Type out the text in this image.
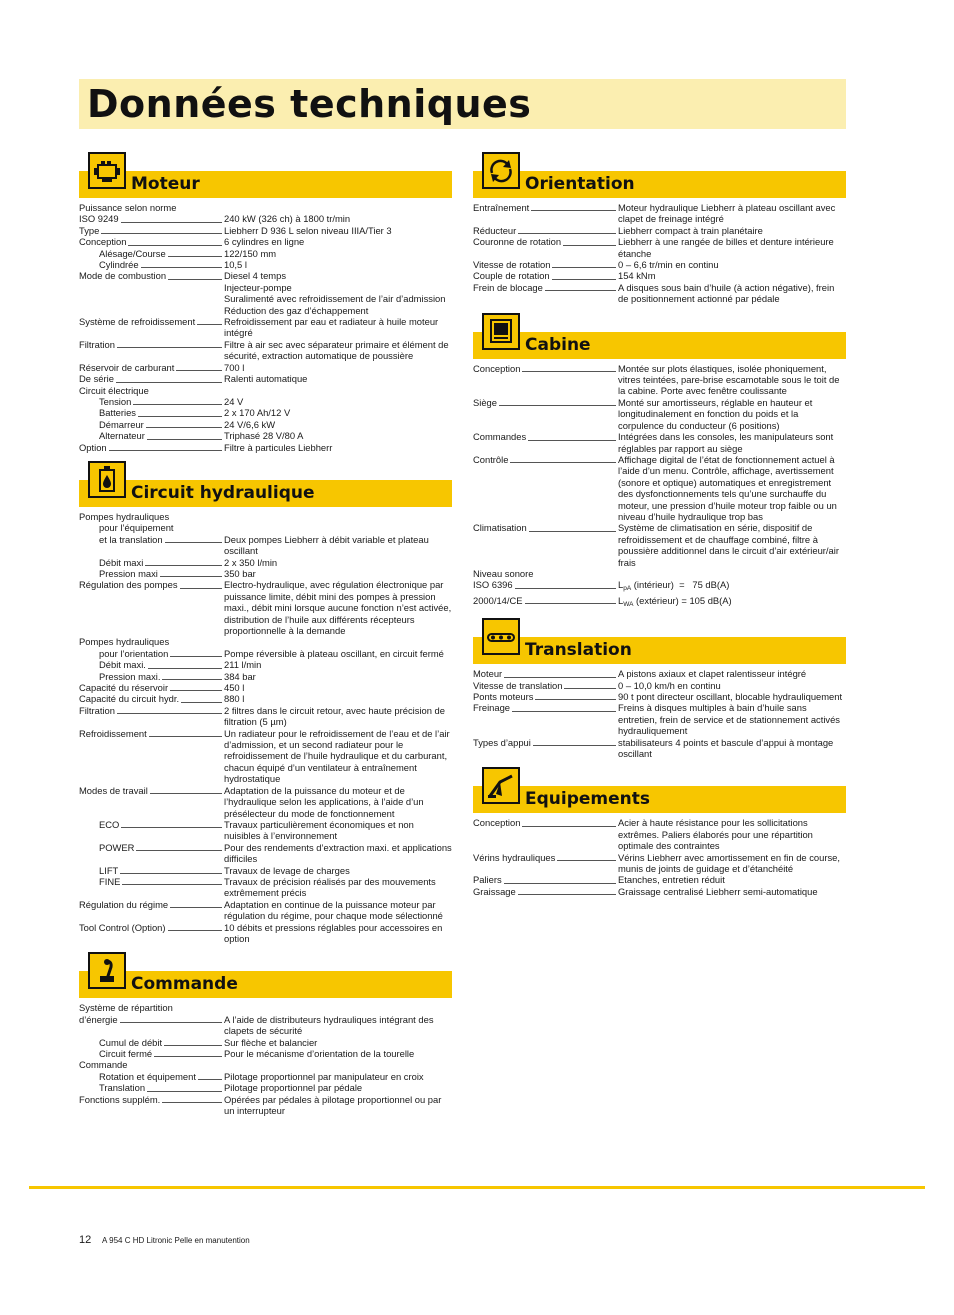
Données techniques
Moteur
Puissance selon norme
ISO 9249	240 kW (326 ch) à 1800 tr/min
Type	Liebherr D 936 L selon niveau IIIA/Tier 3
Conception	6 cylindres en ligne
Alésage/Course	122/150 mm
Cylindrée	10,5 l
Mode de combustion	Diesel 4 temps
Injecteur-pompe
Suralimenté avec refroidissement de l’air d’admission
Réduction des gaz d’échappement
Système de refroidissement	Refroidissement par eau et radiateur à huile moteur intégré
Filtration	Filtre à air sec avec séparateur primaire et élément de sécurité, extraction automatique de poussière
Réservoir de carburant	700 l
De série	Ralenti automatique
Circuit électrique
Tension	24 V
Batteries	2 x 170 Ah/12 V
Démarreur	24 V/6,6 kW
Alternateur	Triphasé 28 V/80 A
Option	Filtre à particules Liebherr
Circuit hydraulique
Pompes hydrauliques
pour l’équipement
et la translation	Deux pompes Liebherr à débit variable et plateau oscillant
Débit maxi	2 x 350 l/min
Pression maxi	350 bar
Régulation des pompes	Electro-hydraulique, avec régulation électronique par puissance limite, débit mini des pompes à pression maxi., débit mini lorsque aucune fonction n’est activée, distribution de l’huile aux différents récepteurs proportionnelle à la demande
Pompes hydrauliques
pour l’orientation	Pompe réversible à plateau oscillant, en circuit fermé
Débit maxi.	211 l/min
Pression maxi.	384 bar
Capacité du réservoir	450 l
Capacité du circuit hydr.	880 l
Filtration	2 filtres dans le circuit retour, avec haute précision de filtration (5 µm)
Refroidissement	Un radiateur pour le refroidissement de l’eau et de l’air d’admission, et un second radiateur pour le refroidissement de l’huile hydraulique et du carburant, chacun équipé d’un ventilateur à entraînement hydrostatique
Modes de travail	Adaptation de la puissance du moteur et de l’hydraulique selon les applications, à l’aide d’un présélecteur du mode de fonctionnement
ECO	Travaux particulièrement économiques et non nuisibles à l’environnement
POWER	Pour des rendements d’extraction maxi. et applications difficiles
LIFT	Travaux de levage de charges
FINE	Travaux de précision réalisés par des mouvements extrêmement précis
Régulation du régime	Adaptation en continue de la puissance moteur par régulation du régime, pour chaque mode sélectionné
Tool Control (Option)	10 débits et pressions réglables pour accessoires en option
Commande
Système de répartition
d’énergie	A l’aide de distributeurs hydrauliques intégrant des clapets de sécurité
Cumul de débit	Sur flèche et balancier
Circuit fermé	Pour le mécanisme d’orientation de la tourelle
Commande
Rotation et équipement	Pilotage proportionnel par manipulateur en croix
Translation	Pilotage proportionnel par pédale
Fonctions supplém.	Opérées par pédales à pilotage proportionnel ou par un interrupteur
Orientation
Entraînement	Moteur hydraulique Liebherr à plateau oscillant avec clapet de freinage intégré
Réducteur	Liebherr compact à train planétaire
Couronne de rotation	Liebherr à une rangée de billes et denture intérieure étanche
Vitesse de rotation	0 – 6,6 tr/min en continu
Couple de rotation	154 kNm
Frein de blocage	A disques sous bain d’huile (à action négative), frein de positionnement actionné par pédale
Cabine
Conception	Montée sur plots élastiques, isolée phoniquement, vitres teintées, pare-brise escamotable sous le toit de la cabine. Porte avec fenêtre coulissante
Siège	Monté sur amortisseurs, réglable en hauteur et longitudinalement en fonction du poids et la corpulence du conducteur (6 positions)
Commandes	Intégrées dans les consoles, les manipulateurs sont réglables par rapport au siège
Contrôle	Affichage digital de l’état de fonctionnement actuel à l’aide d’un menu. Contrôle, affichage, avertissement (sonore et optique) automatiques et enregistrement des dysfonctionnements tels qu’une surchauffe du moteur, une pression d’huile moteur trop faible ou un niveau d’huile hydraulique trop bas
Climatisation	Système de climatisation en série, dispositif de refroidissement et de chauffage combiné, filtre à poussière additionnel dans le circuit d’air extérieur/air frais
Niveau sonore
ISO 6396	$L_{pA}$ (intérieur)  =   75 dB(A)
2000/14/CE	$L_{WA}$ (extérieur) = 105 dB(A)
Translation
Moteur	A pistons axiaux et clapet ralentisseur intégré
Vitesse de translation	0 – 10,0 km/h en continu
Ponts moteurs	90 t pont directeur oscillant, blocable hydrauliquement
Freinage	Freins à disques multiples à bain d’huile sans entretien, frein de service et de stationnement activés hydrauliquement
Types d’appui	stabilisateurs 4 points et bascule d’appui à montage oscillant
Equipements
Conception	Acier à haute résistance pour les sollicitations extrêmes. Paliers élaborés pour une répartition optimale des contraintes
Vérins hydrauliques	Vérins Liebherr avec amortissement en fin de course, munis de joints de guidage et d’étanchéité
Paliers	Etanches, entretien réduit
Graissage	Graissage centralisé Liebherr semi-automatique
12 A 954 C HD Litronic Pelle en manutention
